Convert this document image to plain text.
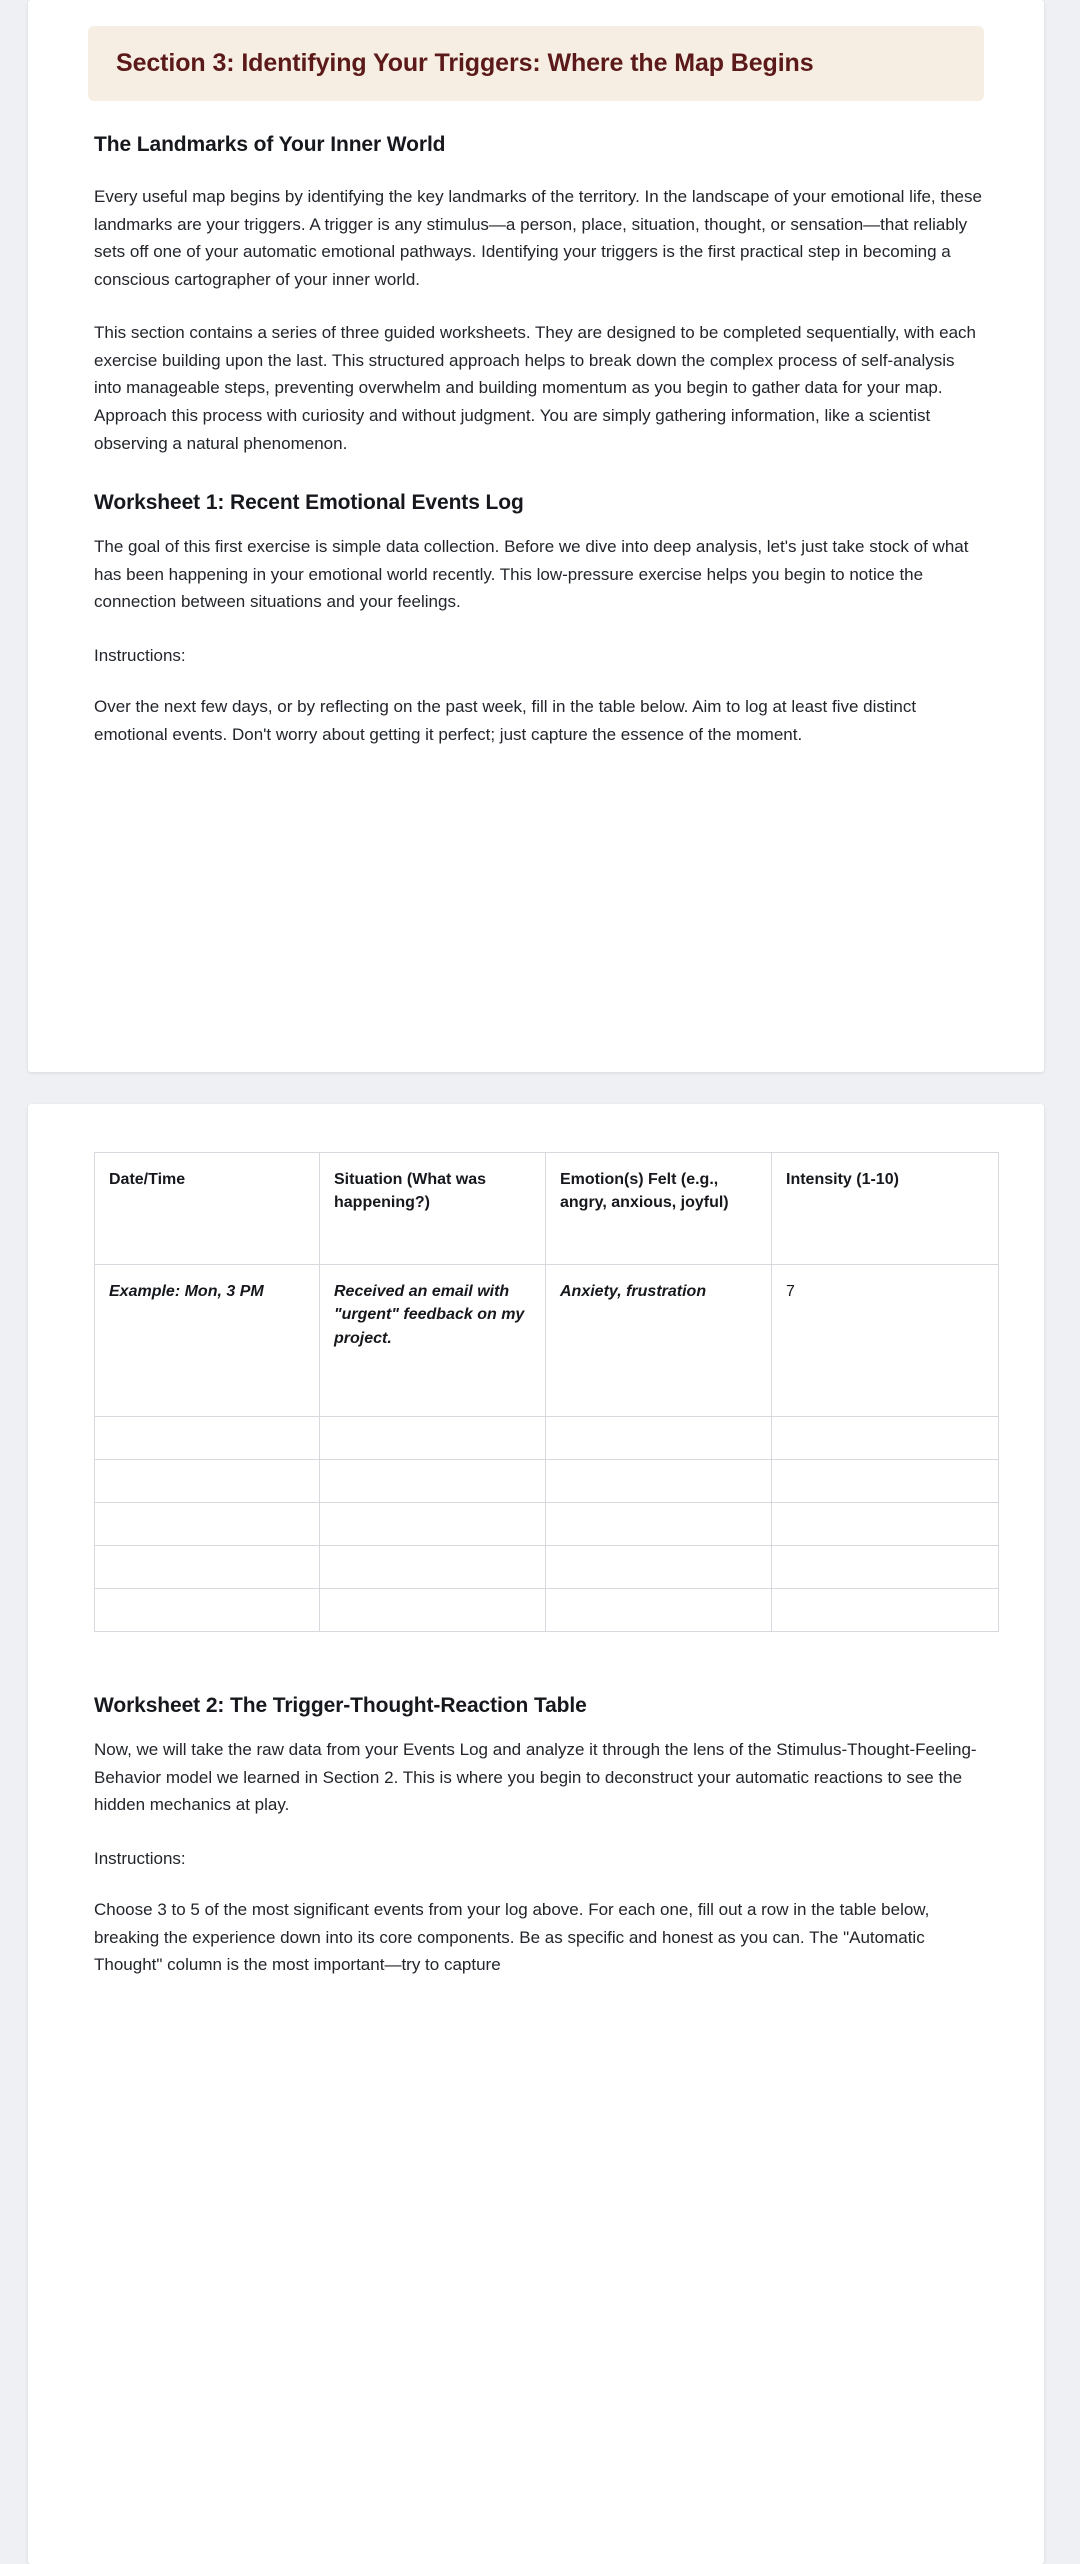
Section 3: Identifying Your Triggers: Where the Map Begins
The Landmarks of Your Inner World

Every useful map begins by identifying the key landmarks of the territory. In the landscape of your emotional life, these landmarks are your triggers. A trigger is any stimulus—a person, place, situation, thought, or sensation—that reliably sets off one of your automatic emotional pathways. Identifying your triggers is the first practical step in becoming a conscious cartographer of your inner world.

This section contains a series of three guided worksheets. They are designed to be completed sequentially, with each exercise building upon the last. This structured approach helps to break down the complex process of self-analysis into manageable steps, preventing overwhelm and building momentum as you begin to gather data for your map. Approach this process with curiosity and without judgment. You are simply gathering information, like a scientist observing a natural phenomenon.

Worksheet 1: Recent Emotional Events Log

The goal of this first exercise is simple data collection. Before we dive into deep analysis, let's just take stock of what has been happening in your emotional world recently. This low-pressure exercise helps you begin to notice the connection between situations and your feelings.

Instructions:

Over the next few days, or by reflecting on the past week, fill in the table below. Aim to log at least five distinct emotional events. Don't worry about getting it perfect; just capture the essence of the moment.

Date/Time	Situation (What was happening?)	Emotion(s) Felt (e.g., angry, anxious, joyful)	Intensity (1-10)
Example: Mon, 3 PM	Received an email with "urgent" feedback on my project.	Anxiety, frustration	7

Worksheet 2: The Trigger-Thought-Reaction Table

Now, we will take the raw data from your Events Log and analyze it through the lens of the Stimulus-Thought-Feeling-Behavior model we learned in Section 2. This is where you begin to deconstruct your automatic reactions to see the hidden mechanics at play.

Instructions:

Choose 3 to 5 of the most significant events from your log above. For each one, fill out a row in the table below, breaking the experience down into its core components. Be as specific and honest as you can. The "Automatic Thought" column is the most important—try to capture
